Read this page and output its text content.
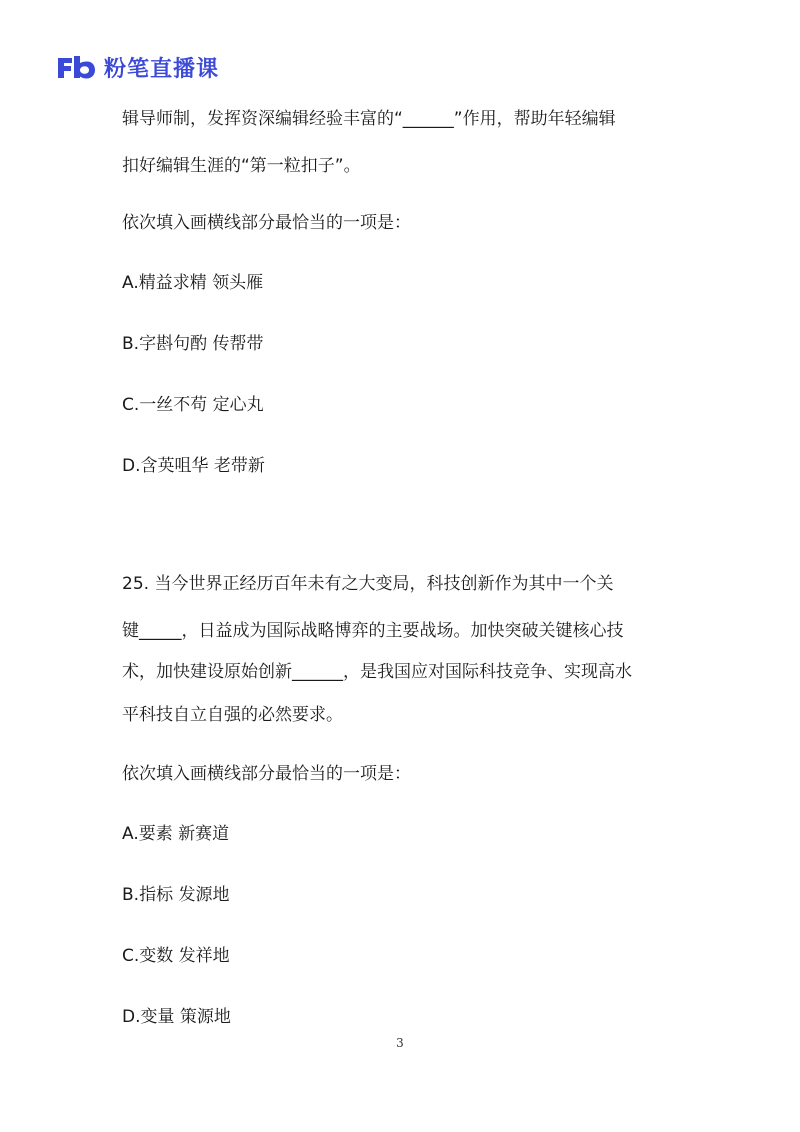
粉笔直播课
辑导师制，发挥资深编辑经验丰富的“______”作用，帮助年轻编辑
扣好编辑生涯的“第一粒扣子”。
依次填入画横线部分最恰当的一项是：
A.精益求精 领头雁
B.字斟句酌 传帮带
C.一丝不苟 定心丸
D.含英咀华 老带新
25. 当今世界正经历百年未有之大变局，科技创新作为其中一个关
键_____，日益成为国际战略博弈的主要战场。加快突破关键核心技
术，加快建设原始创新______，是我国应对国际科技竞争、实现高水
平科技自立自强的必然要求。
依次填入画横线部分最恰当的一项是：
A.要素 新赛道
B.指标 发源地
C.变数 发祥地
D.变量 策源地
3
